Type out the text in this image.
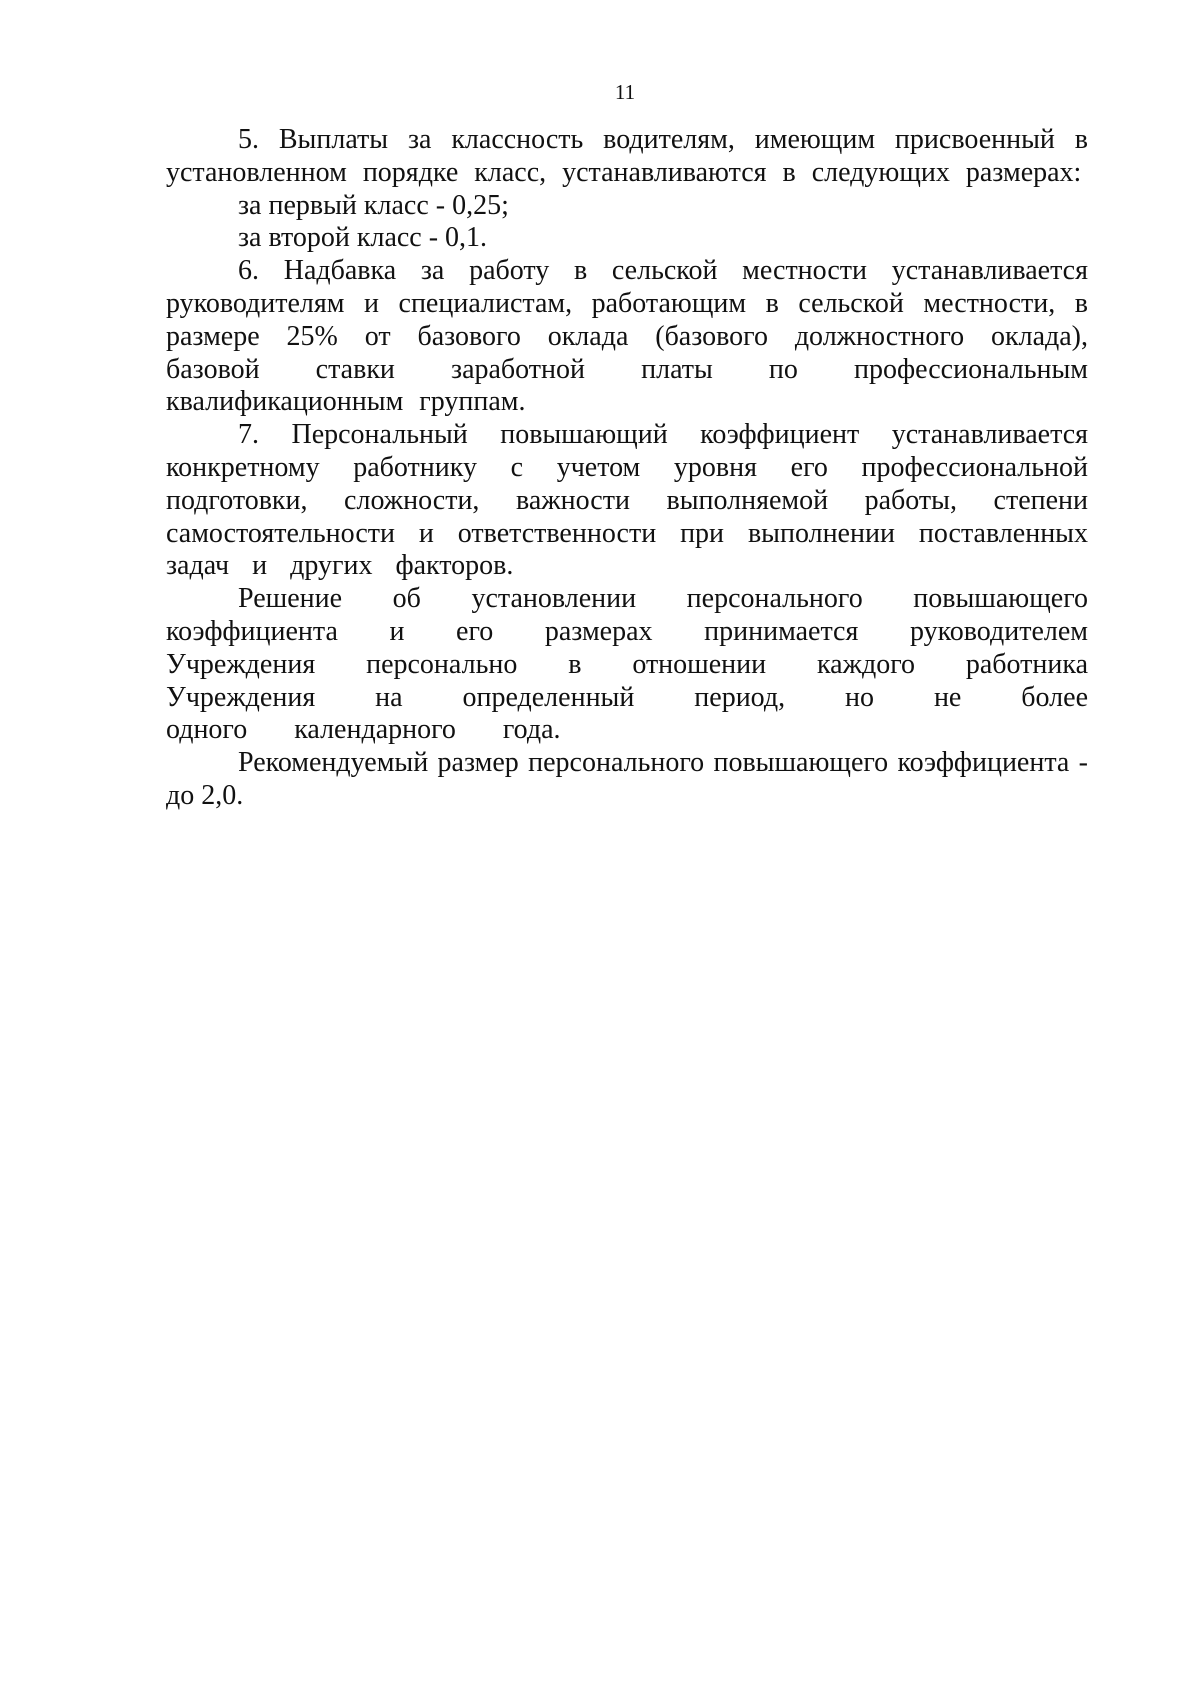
11

5. Выплаты за классность водителям, имеющим присвоенный в установленном порядке класс, устанавливаются в следующих размерах:

за первый класс - 0,25;

за второй класс - 0,1.

6. Надбавка за работу в сельской местности устанавливается руководителям и специалистам, работающим в сельской местности, в размере 25% от базового оклада (базового должностного оклада), базовой ставки заработной платы по профессиональным квалификационным группам.

7. Персональный повышающий коэффициент устанавливается конкретному работнику с учетом уровня его профессиональной подготовки, сложности, важности выполняемой работы, степени самостоятельности и ответственности при выполнении поставленных задач и других факторов.

Решение об установлении персонального повышающего коэффициента и его размерах принимается руководителем Учреждения персонально в отношении каждого работника Учреждения на определенный период, но не более одного календарного года.

Рекомендуемый размер персонального повышающего коэффициента - до 2,0.
